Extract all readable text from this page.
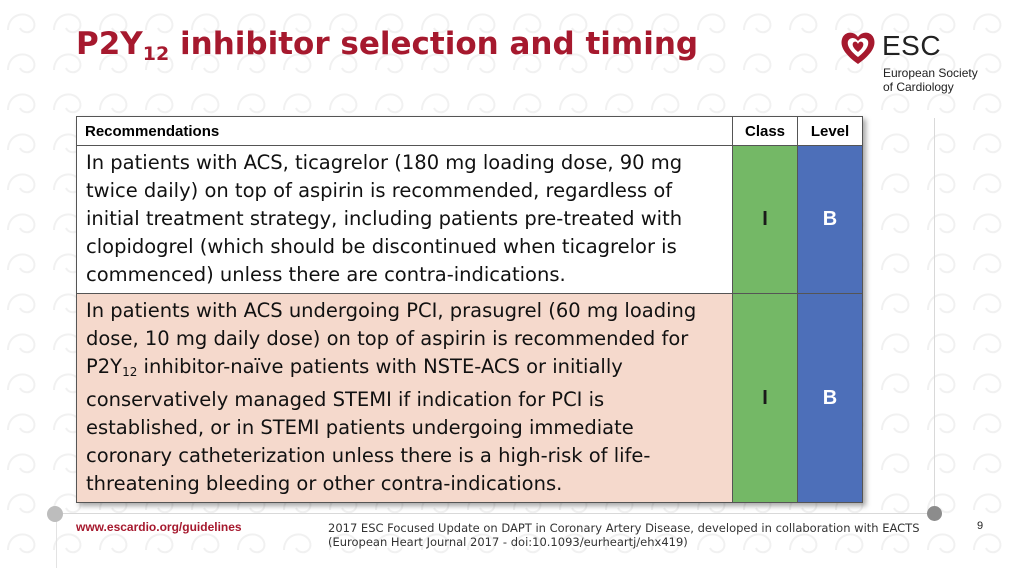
$P2Y_{12}$ inhibitor selection and timing	ESC
European Society
of Cardiology
Recommendations	Class	Level
In patients with ACS, ticagrelor (180 mg loading dose, 90 mg twice daily) on top of aspirin is recommended, regardless of initial treatment strategy, including patients pre-treated with clopidogrel (which should be discontinued when ticagrelor is commenced) unless there are contra-indications.	I	B
In patients with ACS undergoing PCI, prasugrel (60 mg loading dose, 10 mg daily dose) on top of aspirin is recommended for $P2Y_{12}$ inhibitor-naïve patients with NSTE-ACS or initially conservatively managed STEMI if indication for PCI is established, or in STEMI patients undergoing immediate coronary catheterization unless there is a high-risk of life-threatening bleeding or other contra-indications.	I	B
www.escardio.org/guidelines	2017 ESC Focused Update on DAPT in Coronary Artery Disease, developed in collaboration with EACTS
(European Heart Journal 2017 - doi:10.1093/eurheartj/ehx419)
9
